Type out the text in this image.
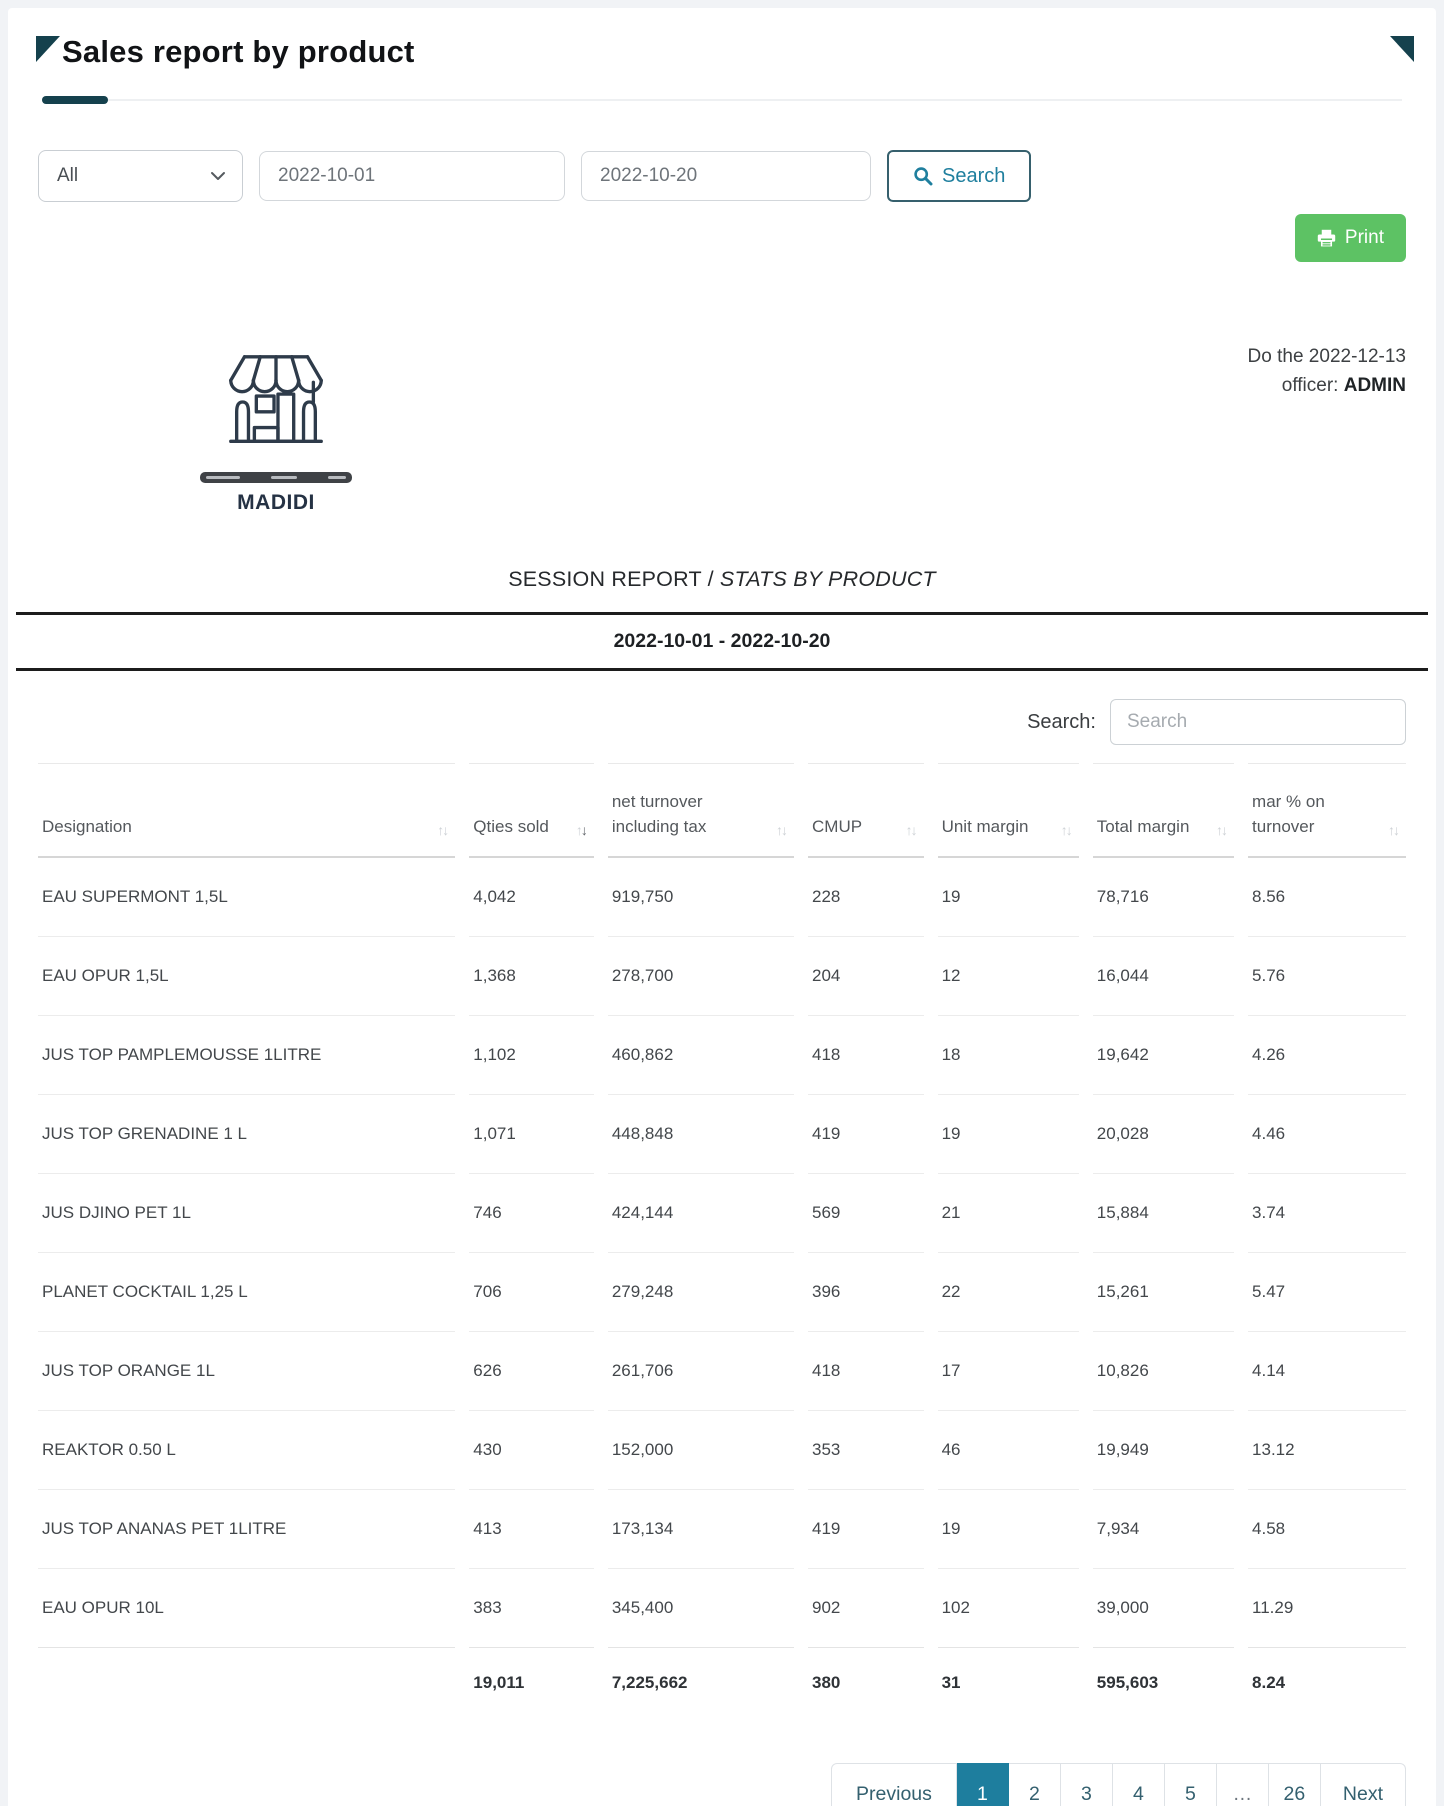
Sales report by product
All
2022-10-01
2022-10-20	Search
Print
MADIDI
Do the 2022-12-13
officer: ADMIN
SESSION REPORT / STATS BY PRODUCT
2022-10-01 - 2022-10-20
Search:
Search
Designation ↑↓	Qties sold ↑↓	net turnover including tax ↑↓	CMUP ↑↓	Unit margin ↑↓	Total margin ↑↓	mar % on turnover ↑↓

EAU SUPERMONT 1,5L	4,042	919,750	228	19	78,716	8.56
EAU OPUR 1,5L	1,368	278,700	204	12	16,044	5.76
JUS TOP PAMPLEMOUSSE 1LITRE	1,102	460,862	418	18	19,642	4.26
JUS TOP GRENADINE 1 L	1,071	448,848	419	19	20,028	4.46
JUS DJINO PET 1L	746	424,144	569	21	15,884	3.74
PLANET COCKTAIL 1,25 L	706	279,248	396	22	15,261	5.47
JUS TOP ORANGE 1L	626	261,706	418	17	10,826	4.14
REAKTOR 0.50 L	430	152,000	353	46	19,949	13.12
JUS TOP ANANAS PET 1LITRE	413	173,134	419	19	7,934	4.58
EAU OPUR 10L	383	345,400	902	102	39,000	11.29
	19,011	7,225,662	380	31	595,603	8.24
Previous	1	2	3	4	5	…	26	Next
